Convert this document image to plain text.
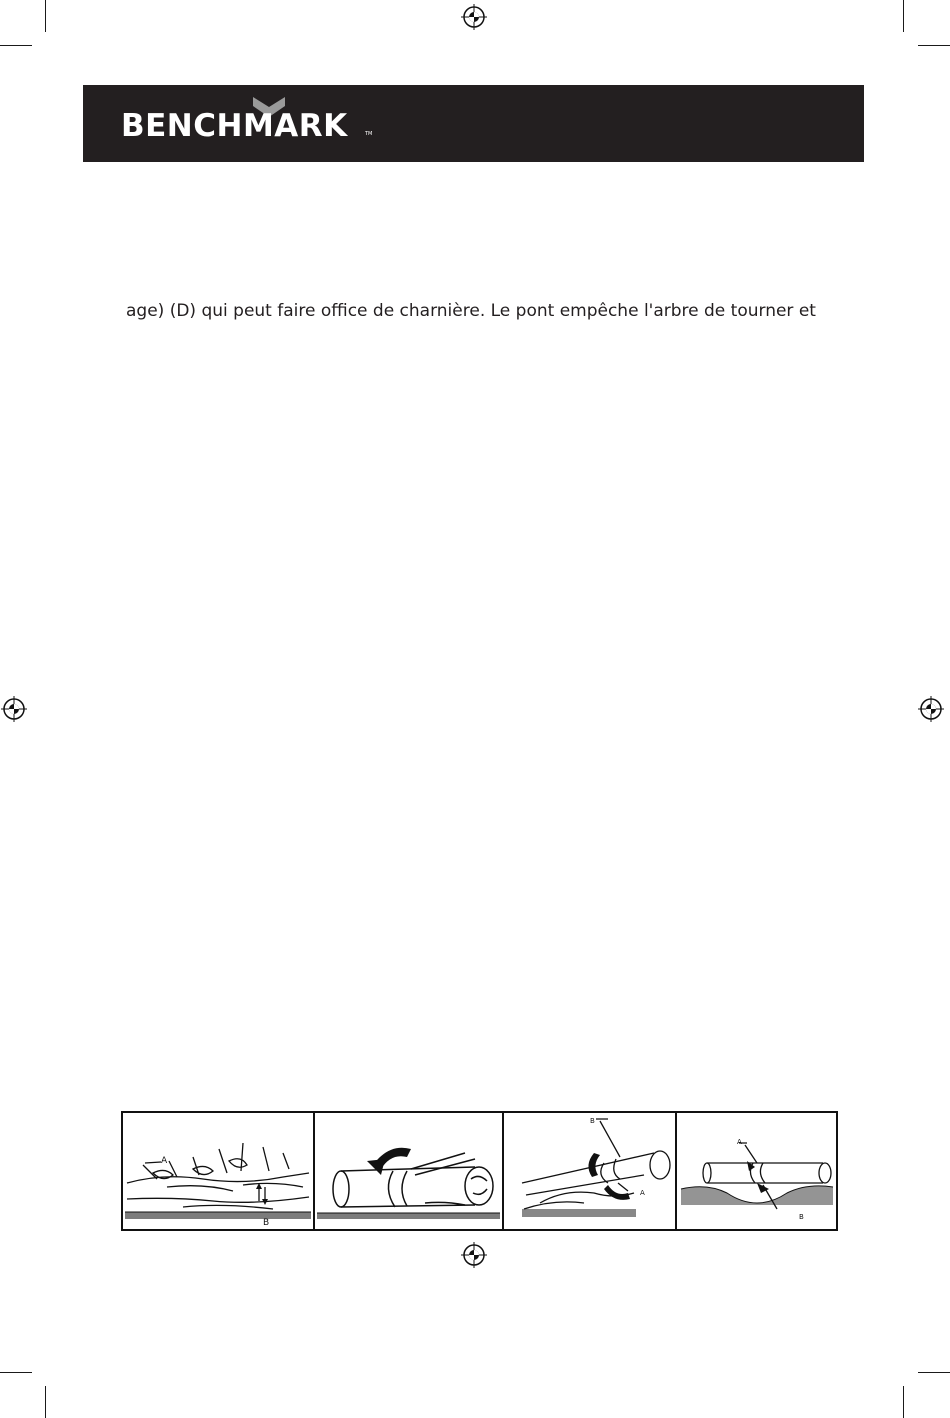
BENCHMARK	TM
age) (D) qui peut faire office de charnière. Le pont empêche l'arbre de tourner et
A
B
B
A
A
B
